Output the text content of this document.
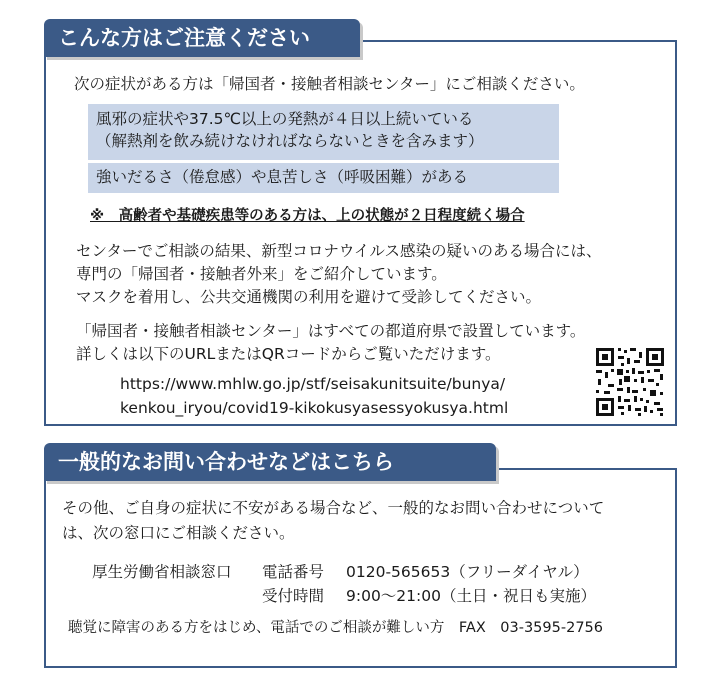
こんな方はご注意ください
次の症状がある方は「帰国者・接触者相談センター」にご相談ください。
風邪の症状や37.5℃以上の発熱が４日以上続いている
（解熱剤を飲み続けなければならないときを含みます）
強いだるさ（倦怠感）や息苦しさ（呼吸困難）がある
※　高齢者や基礎疾患等のある方は、上の状態が２日程度続く場合
センターでご相談の結果、新型コロナウイルス感染の疑いのある場合には、
専門の「帰国者・接触者外来」をご紹介しています。
マスクを着用し、公共交通機関の利用を避けて受診してください。
「帰国者・接触者相談センター」はすべての都道府県で設置しています。
詳しくは以下のURLまたはQRコードからご覧いただけます。
https://www.mhlw.go.jp/stf/seisakunitsuite/bunya/
kenkou_iryou/covid19-kikokusyasessyokusya.html
一般的なお問い合わせなどはこちら
その他、ご自身の症状に不安がある場合など、一般的なお問い合わせについて
は、次の窓口にご相談ください。
厚生労働省相談窓口 電話番号 0120-565653（フリーダイヤル）
受付時間 9:00～21:00（土日・祝日も実施）
聴覚に障害のある方をはじめ、電話でのご相談が難しい方　FAX　03-3595-2756
